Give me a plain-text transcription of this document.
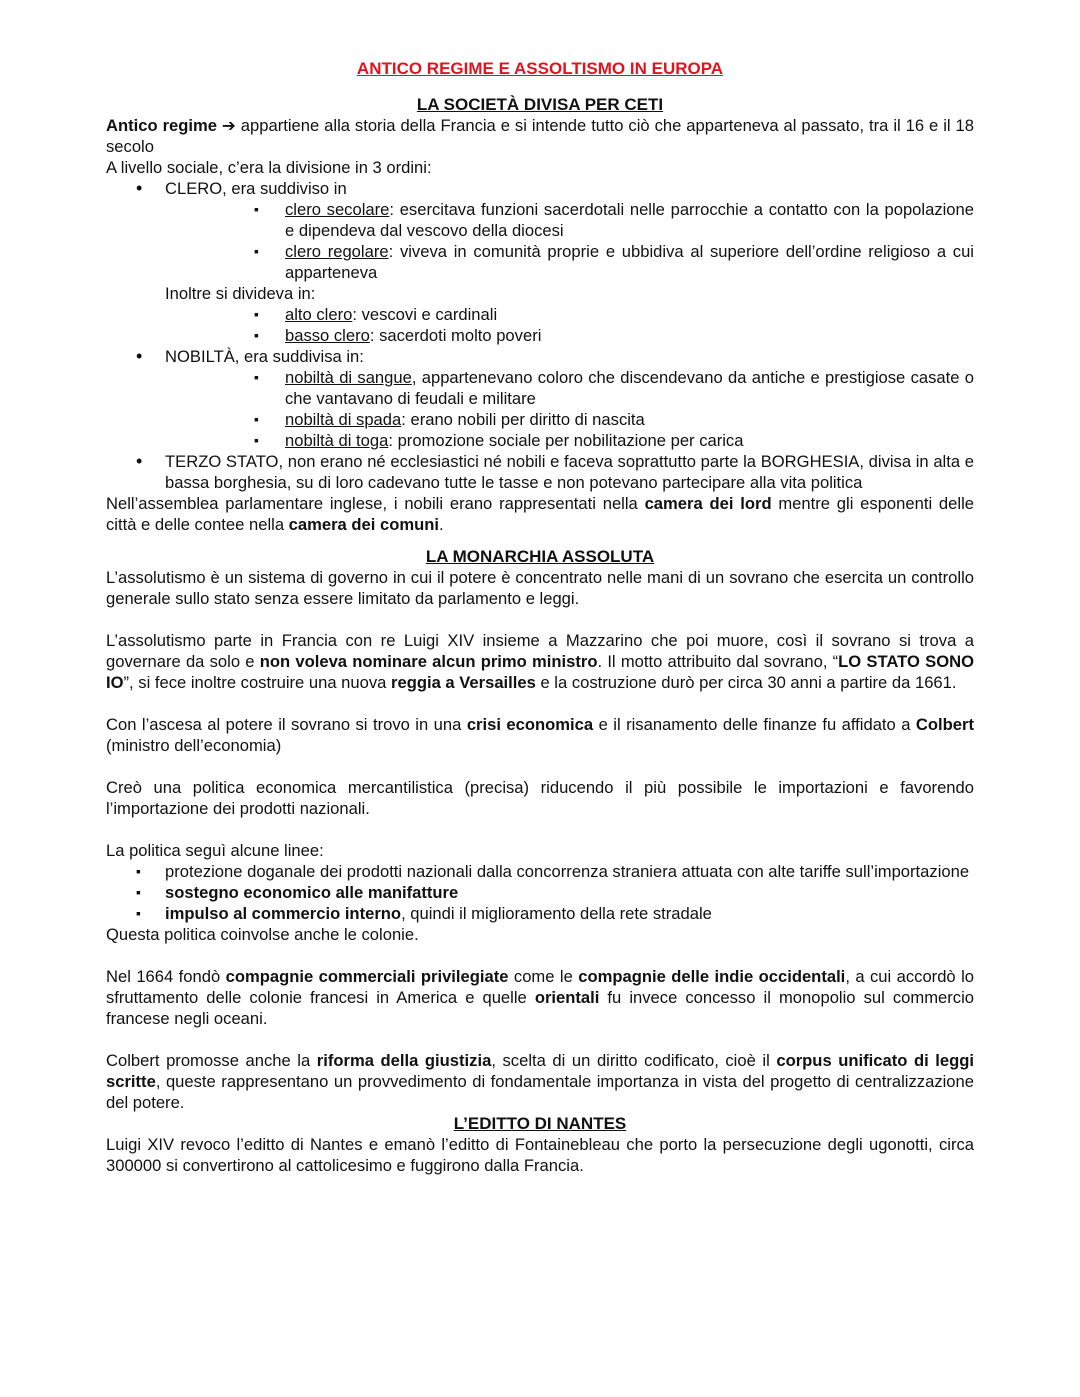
ANTICO REGIME E ASSOLTISMO IN EUROPA
LA SOCIETÀ DIVISA PER CETI

Antico regime ➔ appartiene alla storia della Francia e si intende tutto ciò che apparteneva al passato, tra il 16 e il 18 secolo

A livello sociale, c’era la divisione in 3 ordini:

• CLERO, era suddiviso in
▪ clero secolare: esercitava funzioni sacerdotali nelle parrocchie a contatto con la popolazione e dipendeva dal vescovo della diocesi
▪ clero regolare: viveva in comunità proprie e ubbidiva al superiore dell’ordine religioso a cui apparteneva
Inoltre si divideva in:
▪ alto clero: vescovi e cardinali
▪ basso clero: sacerdoti molto poveri
• NOBILTÀ, era suddivisa in:
▪ nobiltà di sangue, appartenevano coloro che discendevano da antiche e prestigiose casate o che vantavano di feudali e militare
▪ nobiltà di spada: erano nobili per diritto di nascita
▪ nobiltà di toga: promozione sociale per nobilitazione per carica
• TERZO STATO, non erano né ecclesiastici né nobili e faceva soprattutto parte la BORGHESIA, divisa in alta e bassa borghesia, su di loro cadevano tutte le tasse e non potevano partecipare alla vita politica

Nell’assemblea parlamentare inglese, i nobili erano rappresentati nella camera dei lord mentre gli esponenti delle città e delle contee nella camera dei comuni.

LA MONARCHIA ASSOLUTA

L’assolutismo è un sistema di governo in cui il potere è concentrato nelle mani di un sovrano che esercita un controllo generale sullo stato senza essere limitato da parlamento e leggi.

L’assolutismo parte in Francia con re Luigi XIV insieme a Mazzarino che poi muore, così il sovrano si trova a governare da solo e non voleva nominare alcun primo ministro. Il motto attribuito dal sovrano, “LO STATO SONO IO”, si fece inoltre costruire una nuova reggia a Versailles e la costruzione durò per circa 30 anni a partire da 1661.

Con l’ascesa al potere il sovrano si trovo in una crisi economica e il risanamento delle finanze fu affidato a Colbert (ministro dell’economia)

Creò una politica economica mercantilistica (precisa) riducendo il più possibile le importazioni e favorendo l’importazione dei prodotti nazionali.

La politica seguì alcune linee:

▪ protezione doganale dei prodotti nazionali dalla concorrenza straniera attuata con alte tariffe sull’importazione
▪ sostegno economico alle manifatture
▪ impulso al commercio interno, quindi il miglioramento della rete stradale

Questa politica coinvolse anche le colonie.

Nel 1664 fondò compagnie commerciali privilegiate come le compagnie delle indie occidentali, a cui accordò lo sfruttamento delle colonie francesi in America e quelle orientali fu invece concesso il monopolio sul commercio francese negli oceani.

Colbert promosse anche la riforma della giustizia, scelta di un diritto codificato, cioè il corpus unificato di leggi scritte, queste rappresentano un provvedimento di fondamentale importanza in vista del progetto di centralizzazione del potere.

L’EDITTO DI NANTES

Luigi XIV revoco l’editto di Nantes e emanò l’editto di Fontainebleau che porto la persecuzione degli ugonotti, circa 300000 si convertirono al cattolicesimo e fuggirono dalla Francia.
